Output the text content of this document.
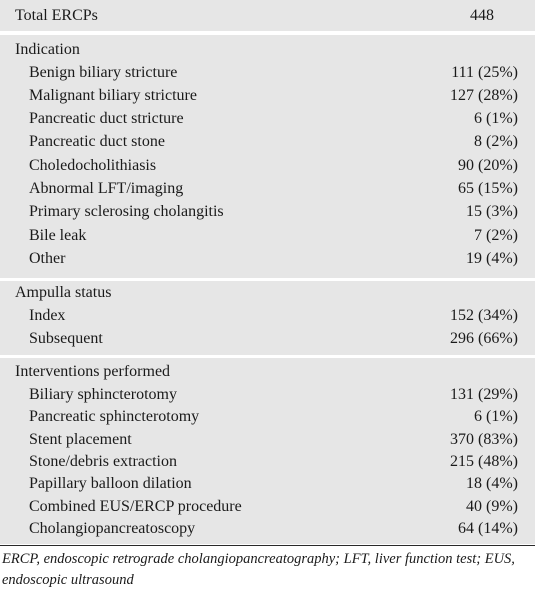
Total ERCPs	448
Indication
Benign biliary stricture	111 (25%)
Malignant biliary stricture	127 (28%)
Pancreatic duct stricture	6 (1%)
Pancreatic duct stone	8 (2%)
Choledocholithiasis	90 (20%)
Abnormal LFT/imaging	65 (15%)
Primary sclerosing cholangitis	15 (3%)
Bile leak	7 (2%)
Other	19 (4%)
Ampulla status
Index	152 (34%)
Subsequent	296 (66%)
Interventions performed
Biliary sphincterotomy	131 (29%)
Pancreatic sphincterotomy	6 (1%)
Stent placement	370 (83%)
Stone/debris extraction	215 (48%)
Papillary balloon dilation	18 (4%)
Combined EUS/ERCP procedure	40 (9%)
Cholangiopancreatoscopy	64 (14%)
ERCP, endoscopic retrograde cholangiopancreatography; LFT, liver function test; EUS, endoscopic ultrasound
